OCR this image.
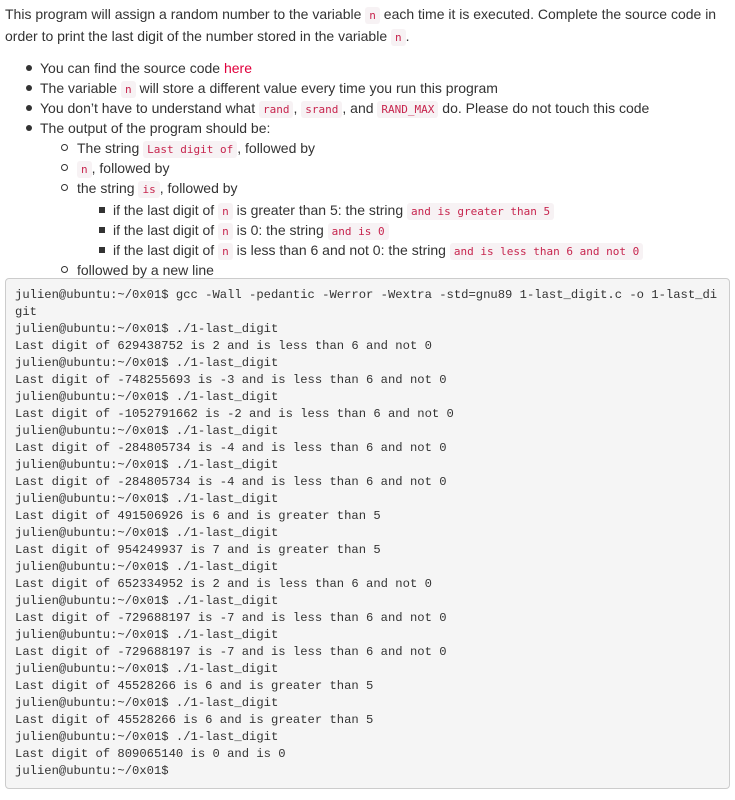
This program will assign a random number to the variable n each time it is executed. Complete the source code in order to print the last digit of the number stored in the variable n .

You can find the source code here
The variable n will store a different value every time you run this program
You don’t have to understand what rand , srand , and RAND_MAX do. Please do not touch this code
The output of the program should be:
The string Last digit of , followed by
n , followed by
the string is , followed by
if the last digit of n is greater than 5: the string and is greater than 5
if the last digit of n is 0: the string and is 0
if the last digit of n is less than 6 and not 0: the string and is less than 6 and not 0
followed by a new line
julien@ubuntu:~/0x01$ gcc -Wall -pedantic -Werror -Wextra -std=gnu89 1-last_digit.c -o 1-last_digit
julien@ubuntu:~/0x01$ ./1-last_digit
Last digit of 629438752 is 2 and is less than 6 and not 0
julien@ubuntu:~/0x01$ ./1-last_digit
Last digit of -748255693 is -3 and is less than 6 and not 0
julien@ubuntu:~/0x01$ ./1-last_digit
Last digit of -1052791662 is -2 and is less than 6 and not 0
julien@ubuntu:~/0x01$ ./1-last_digit
Last digit of -284805734 is -4 and is less than 6 and not 0
julien@ubuntu:~/0x01$ ./1-last_digit
Last digit of -284805734 is -4 and is less than 6 and not 0
julien@ubuntu:~/0x01$ ./1-last_digit
Last digit of 491506926 is 6 and is greater than 5
julien@ubuntu:~/0x01$ ./1-last_digit
Last digit of 954249937 is 7 and is greater than 5
julien@ubuntu:~/0x01$ ./1-last_digit
Last digit of 652334952 is 2 and is less than 6 and not 0
julien@ubuntu:~/0x01$ ./1-last_digit
Last digit of -729688197 is -7 and is less than 6 and not 0
julien@ubuntu:~/0x01$ ./1-last_digit
Last digit of -729688197 is -7 and is less than 6 and not 0
julien@ubuntu:~/0x01$ ./1-last_digit
Last digit of 45528266 is 6 and is greater than 5
julien@ubuntu:~/0x01$ ./1-last_digit
Last digit of 45528266 is 6 and is greater than 5
julien@ubuntu:~/0x01$ ./1-last_digit
Last digit of 809065140 is 0 and is 0
julien@ubuntu:~/0x01$
